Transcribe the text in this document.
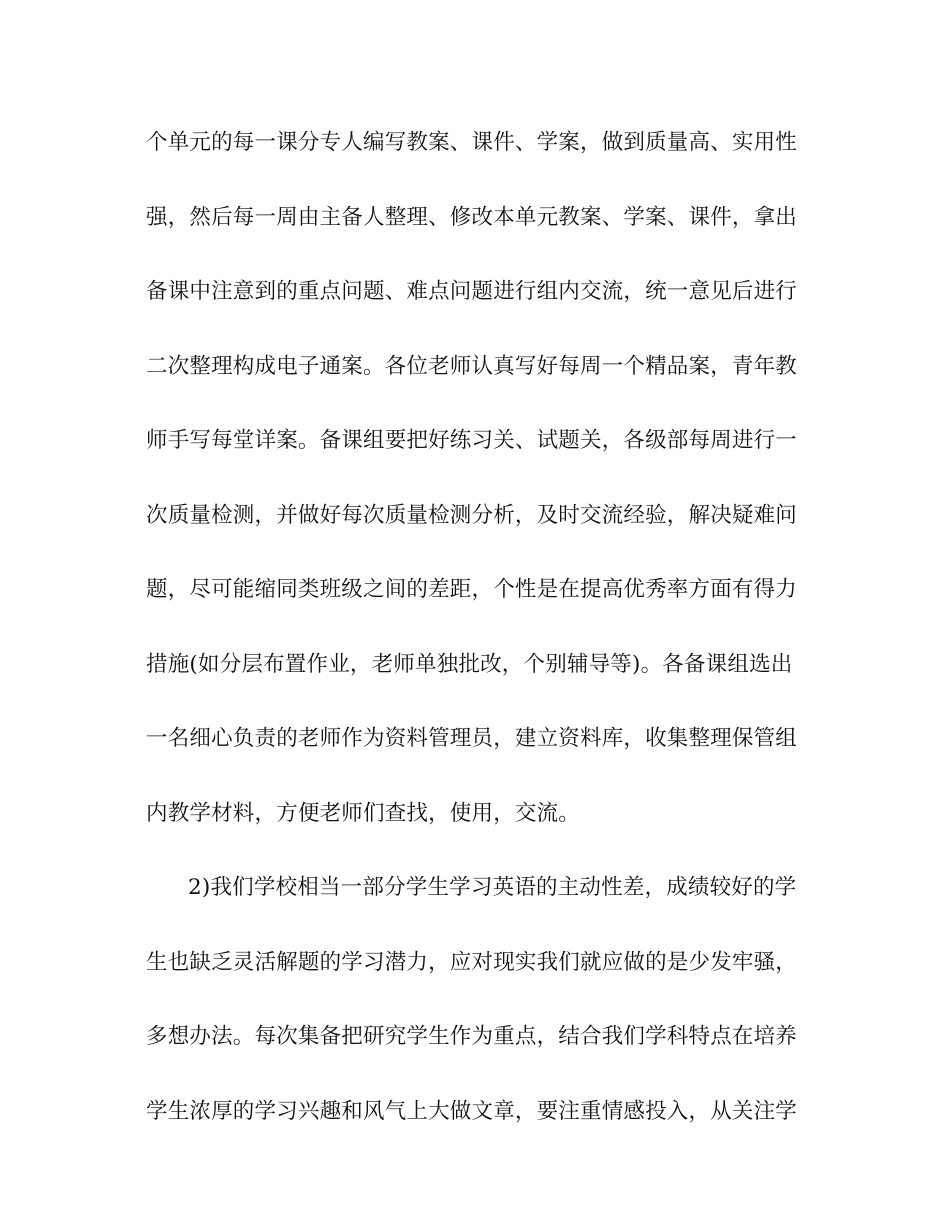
个单元的每一课分专人编写教案、课件、学案，做到质量高、实用性
强，然后每一周由主备人整理、修改本单元教案、学案、课件，拿出
备课中注意到的重点问题、难点问题进行组内交流，统一意见后进行
二次整理构成电子通案。各位老师认真写好每周一个精品案，青年教
师手写每堂详案。备课组要把好练习关、试题关，各级部每周进行一
次质量检测，并做好每次质量检测分析，及时交流经验，解决疑难问
题，尽可能缩同类班级之间的差距，个性是在提高优秀率方面有得力
措施(如分层布置作业，老师单独批改，个别辅导等)。各备课组选出
一名细心负责的老师作为资料管理员，建立资料库，收集整理保管组
内教学材料，方便老师们查找，使用，交流。
2)我们学校相当一部分学生学习英语的主动性差，成绩较好的学
生也缺乏灵活解题的学习潜力，应对现实我们就应做的是少发牢骚，
多想办法。每次集备把研究学生作为重点，结合我们学科特点在培养
学生浓厚的学习兴趣和风气上大做文章，要注重情感投入，从关注学
